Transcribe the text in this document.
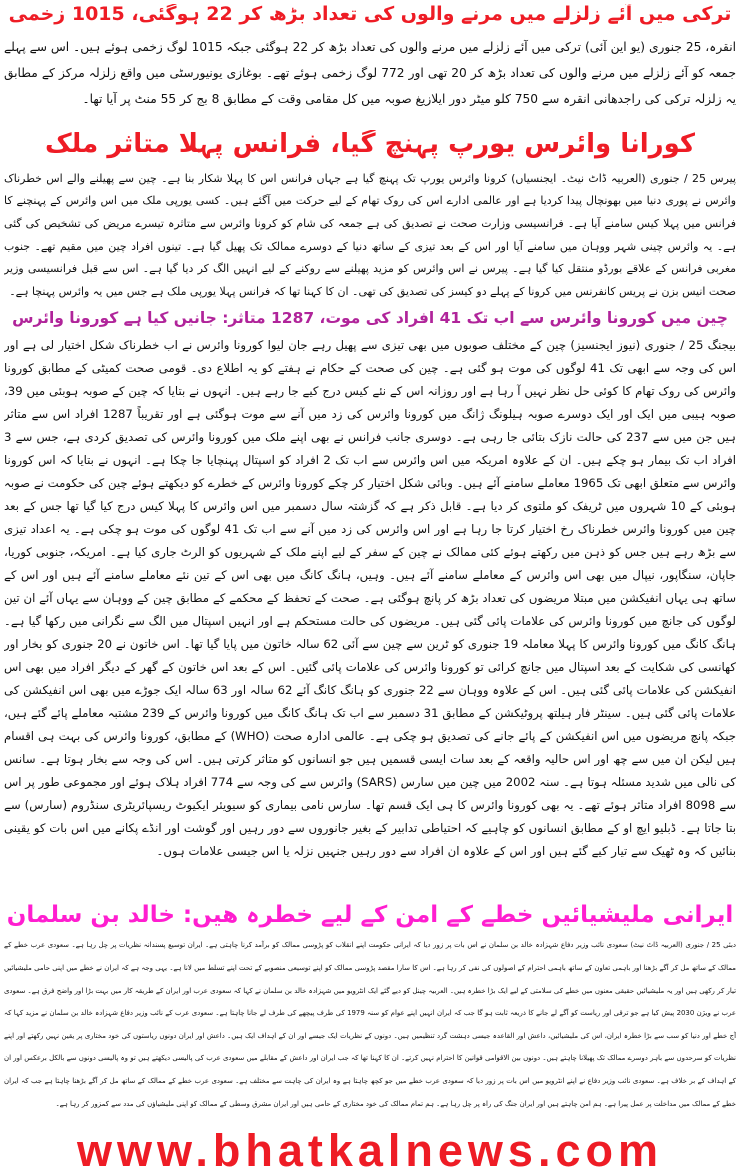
ترکی میں آئے زلزلے میں مرنے والوں کی تعداد بڑھ کر 22 ہوگئی، 1015 زخمی

انقرہ، 25 جنوری (یو این آئی) ترکی میں آئے زلزلے میں مرنے والوں کی تعداد بڑھ کر 22 ہوگئی جبکہ 1015 لوگ زخمی ہوئے ہیں۔ اس سے پہلے جمعہ کو آئے زلزلے میں مرنے والوں کی تعداد بڑھ کر 20 تھی اور 772 لوگ زخمی ہوئے تھے۔ بوغازی یونیورسٹی میں واقع زلزلہ مرکز کے مطابق یہ زلزلہ ترکی کی راجدھانی انقرہ سے 750 کلو میٹر دور ایلازیغ صوبہ میں کل مقامی وقت کے مطابق 8 بج کر 55 منٹ پر آیا تھا۔

کورانا وائرس یورپ پہنچ گیا، فرانس پہلا متاثر ملک

پیرس 25 / جنوری (العربیہ ڈاٹ نیٹ۔ ایجنسیاں) کرونا وائرس یورپ تک پہنچ گیا ہے جہاں فرانس اس کا پہلا شکار بنا ہے۔ چین سے پھیلنے والے اس خطرناک وائرس نے پوری دنیا میں بھونچال پیدا کردیا ہے اور عالمی ادارے اس کی روک تھام کے لیے حرکت میں آگئے ہیں۔ کسی یورپی ملک میں اس وائرس کے پہنچنے کا فرانس میں پہلا کیس سامنے آیا ہے۔ فرانسیسی وزارت صحت نے تصدیق کی ہے جمعہ کی شام کو کرونا وائرس سے متاثرہ تیسرے مریض کی تشخیص کی گئی ہے۔ یہ وائرس چینی شہر ووہان میں سامنے آیا اور اس کے بعد تیزی کے ساتھ دنیا کے دوسرے ممالک تک پھیل گیا ہے۔ تینوں افراد چین میں مقیم تھے۔ جنوب مغربی فرانس کے علاقے بورڈو منتقل کیا گیا ہے۔ پیرس نے اس وائرس کو مزید پھیلنے سے روکنے کے لیے انہیں الگ کر دیا گیا ہے۔ اس سے قبل فرانسیسی وزیر صحت انیس بزن نے پریس کانفرنس میں کرونا کے پہلے دو کیسز کی تصدیق کی تھی۔ ان کا کہنا تھا کہ فرانس پہلا یورپی ملک ہے جس میں یہ وائرس پہنچا ہے۔

چین میں کورونا وائرس سے اب تک 41 افراد کی موت، 1287 متاثر: جانیں کیا ہے کورونا وائرس

بیجنگ 25 / جنوری (نیوز ایجنسیز) چین کے مختلف صوبوں میں بھی تیزی سے پھیل رہے جان لیوا کورونا وائرس نے اب خطرناک شکل اختیار لی ہے اور اس کی وجہ سے ابھی تک 41 لوگوں کی موت ہو گئی ہے۔ چین کی صحت کے حکام نے ہفتے کو یہ اطلاع دی۔ قومی صحت کمیٹی کے مطابق کورونا وائرس کی روک تھام کا کوئی حل نظر نہیں آ رہا ہے اور روزانہ اس کے نئے کیس درج کیے جا رہے ہیں۔ انہوں نے بتایا کہ چین کے صوبہ ہوبئی میں 39، صوبہ ہیبی میں ایک اور ایک دوسرے صوبہ ہیلونگ ژانگ میں کورونا وائرس کی زد میں آنے سے موت ہوگئی ہے اور تقریباً 1287 افراد اس سے متاثر ہیں جن میں سے 237 کی حالت نازک بتائی جا رہی ہے۔ دوسری جانب فرانس نے بھی اپنے ملک میں کورونا وائرس کی تصدیق کردی ہے، جس سے 3 افراد اب تک بیمار ہو چکے ہیں۔ ان کے علاوہ امریکہ میں اس وائرس سے اب تک 2 افراد کو اسپتال پہنچایا جا چکا ہے۔ انہوں نے بتایا کہ اس کورونا وائرس سے متعلق ابھی تک 1965 معاملے سامنے آئے ہیں۔ وبائی شکل اختیار کر چکے کورونا وائرس کے خطرے کو دیکھتے ہوئے چین کی حکومت نے صوبہ ہوبئی کے 10 شہروں میں ٹریفک کو ملتوی کر دیا ہے۔ قابل ذکر ہے کہ گزشتہ سال دسمبر میں اس وائرس کا پہلا کیس درج کیا گیا تھا جس کے بعد چین میں کورونا وائرس خطرناک رخ اختیار کرتا جا رہا ہے اور اس وائرس کی زد میں آنے سے اب تک 41 لوگوں کی موت ہو چکی ہے۔ یہ اعداد تیزی سے بڑھ رہے ہیں جس کو ذہن میں رکھتے ہوئے کئی ممالک نے چین کے سفر کے لیے اپنے ملک کے شہریوں کو الرٹ جاری کیا ہے۔ امریکہ، جنوبی کوریا، جاپان، سنگاپور، نیپال میں بھی اس وائرس کے معاملے سامنے آئے ہیں۔ وہیں، ہانگ کانگ میں بھی اس کے تین نئے معاملے سامنے آئے ہیں اور اس کے ساتھ ہی یہاں انفیکشن میں مبتلا مریضوں کی تعداد بڑھ کر پانچ ہوگئی ہے۔ صحت کے تحفظ کے محکمے کے مطابق چین کے ووہان سے یہاں آئے ان تین لوگوں کی جانچ میں کورونا وائرس کی علامات پائی گئی ہیں۔ مریضوں کی حالت مستحکم ہے اور انہیں اسپتال میں الگ سے نگرانی میں رکھا گیا ہے۔ ہانگ کانگ میں کورونا وائرس کا پہلا معاملہ 19 جنوری کو ٹرین سے چین سے آئی 62 سالہ خاتون میں پایا گیا تھا۔ اس خاتون نے 20 جنوری کو بخار اور کھانسی کی شکایت کے بعد اسپتال میں جانچ کرائی تو کورونا وائرس کی علامات پائی گئیں۔ اس کے بعد اس خاتون کے گھر کے دیگر افراد میں بھی اس انفیکشن کی علامات پائی گئی ہیں۔ اس کے علاوہ ووہان سے 22 جنوری کو ہانگ کانگ آئے 62 سالہ اور 63 سالہ ایک جوڑے میں بھی اس انفیکشن کی علامات پائی گئی ہیں۔ سینٹر فار ہیلتھ پروٹیکشن کے مطابق 31 دسمبر سے اب تک ہانگ کانگ میں کورونا وائرس کے 239 مشتبہ معاملے پائے گئے ہیں، جبکہ پانچ مریضوں میں اس انفیکشن کے پائے جانے کی تصدیق ہو چکی ہے۔ عالمی ادارہ صحت (WHO) کے مطابق، کورونا وائرس کی بہت ہی اقسام ہیں لیکن ان میں سے چھ اور اس حالیہ واقعہ کے بعد سات ایسی قسمیں ہیں جو انسانوں کو متاثر کرتی ہیں۔ اس کی وجہ سے بخار ہوتا ہے۔ سانس کی نالی میں شدید مسئلہ ہوتا ہے۔ سنہ 2002 میں چین میں سارس (SARS) وائرس سے کی وجہ سے 774 افراد ہلاک ہوئے اور مجموعی طور پر اس سے 8098 افراد متاثر ہوئے تھے۔ یہ بھی کورونا وائرس کا ہی ایک قسم تھا۔ سارس نامی بیماری کو سیویئر ایکیوٹ ریسپائریٹری سنڈروم (سارس) سے بتا جاتا ہے۔ ڈبلیو ایچ او کے مطابق انسانوں کو چاہیے کہ احتیاطی تدابیر کے بغیر جانوروں سے دور رہیں اور گوشت اور انڈے پکانے میں اس بات کو یقینی بنائیں کہ وہ ٹھیک سے تیار کیے گئے ہیں اور اس کے علاوہ ان افراد سے دور رہیں جنہیں نزلہ یا اس جیسی علامات ہوں۔

ایرانی ملیشیائیں خطے کے امن کے لیے خطرہ ھیں: خالد بن سلمان

دبئی 25 / جنوری (العربیہ ڈاٹ نیٹ) سعودی نائب وزیر دفاع شہزادہ خالد بن سلمان نے اس بات پر زور دیا کہ ایرانی حکومت اپنے انقلاب کو پڑوسی ممالک کو برآمد کرنا چاہتی ہے۔ ایران توسیع پسندانہ نظریات پر چل رہا ہے۔ سعودی عرب خطے کے ممالک کے ساتھ مل کر آگے بڑھنا اور باہمی تعاون کے ساتھ باہمی احترام کے اصولوں کی نفی کر رہا ہے۔ اس کا سارا مقصد پڑوسی ممالک کو اپنے توسیعی منصوبے کے تحت اپنے تسلط میں لانا ہے۔ یہی وجہ ہے کہ ایران نے خطے میں اپنی حامی ملیشیائیں تیار کر رکھی ہیں اور یہ ملیشیائیں حقیقی معنوں میں خطے کی سلامتی کے لیے ایک بڑا خطرہ ہیں۔ العربیہ چینل کو دیے گئے ایک انٹرویو میں شہزادہ خالد بن سلمان نے کہا کہ سعودی عرب اور ایران کے طریقہ کار میں بہت بڑا اور واضح فرق ہے۔ سعودی عرب نے ویژن 2030 پیش کیا ہے جو ترقی اور ریاست کو آگے لے جانے کا ذریعہ ثابت ہو گا جب کہ ایران انہیں اپنے عوام کو سنہ 1979 کی طرف پیچھے کی طرف لے جانا چاہتا ہے۔ سعودی عرب کے نائب وزیر دفاع شہزادہ خالد بن سلمان نے مزید کہا کہ آج خطے اور دنیا کو سب سے بڑا خطرہ ایران، اس کی ملیشیائیں، داعش اور القاعدہ جیسی دہشت گرد تنظیمیں ہیں۔ دونوں کے نظریات ایک جیسے اور ان کے اہداف ایک ہیں۔ داعش اور ایران دونوں ریاستوں کی خود مختاری پر یقین نہیں رکھتے اور اپنے نظریات کو سرحدوں سے باہر دوسرے ممالک تک پھیلانا چاہتے ہیں۔ دونوں بین الاقوامی قوانین کا احترام نہیں کرتے۔ ان کا کہنا تھا کہ جب ایران اور داعش کے مقابلے میں سعودی عرب کی پالیسی دیکھتے ہیں تو وہ پالیسی دونوں سے بالکل برعکس اور ان کے اہداف کے بر خلاف ہے۔ سعودی نائب وزیر دفاع نے اپنے انٹرویو میں اس بات پر زور دیا کہ سعودی عرب خطے میں جو کچھ چاہتا ہے وہ ایران کی چاہت سے مختلف ہے۔ سعودی عرب خطے کے ممالک کے ساتھ مل کر آگے بڑھنا چاہتا ہے جب کہ ایران خطے کے ممالک میں مداخلت پر عمل پیرا ہے۔ ہم امن چاہتے ہیں اور ایران جنگ کی راہ پر چل رہا ہے۔ ہم تمام ممالک کی خود مختاری کے حامی ہیں اور ایران مشرق وسطی کے ممالک کو اپنی ملیشیاؤں کی مدد سے کمزور کر رہا ہے۔

www.bhatkalnews.com
